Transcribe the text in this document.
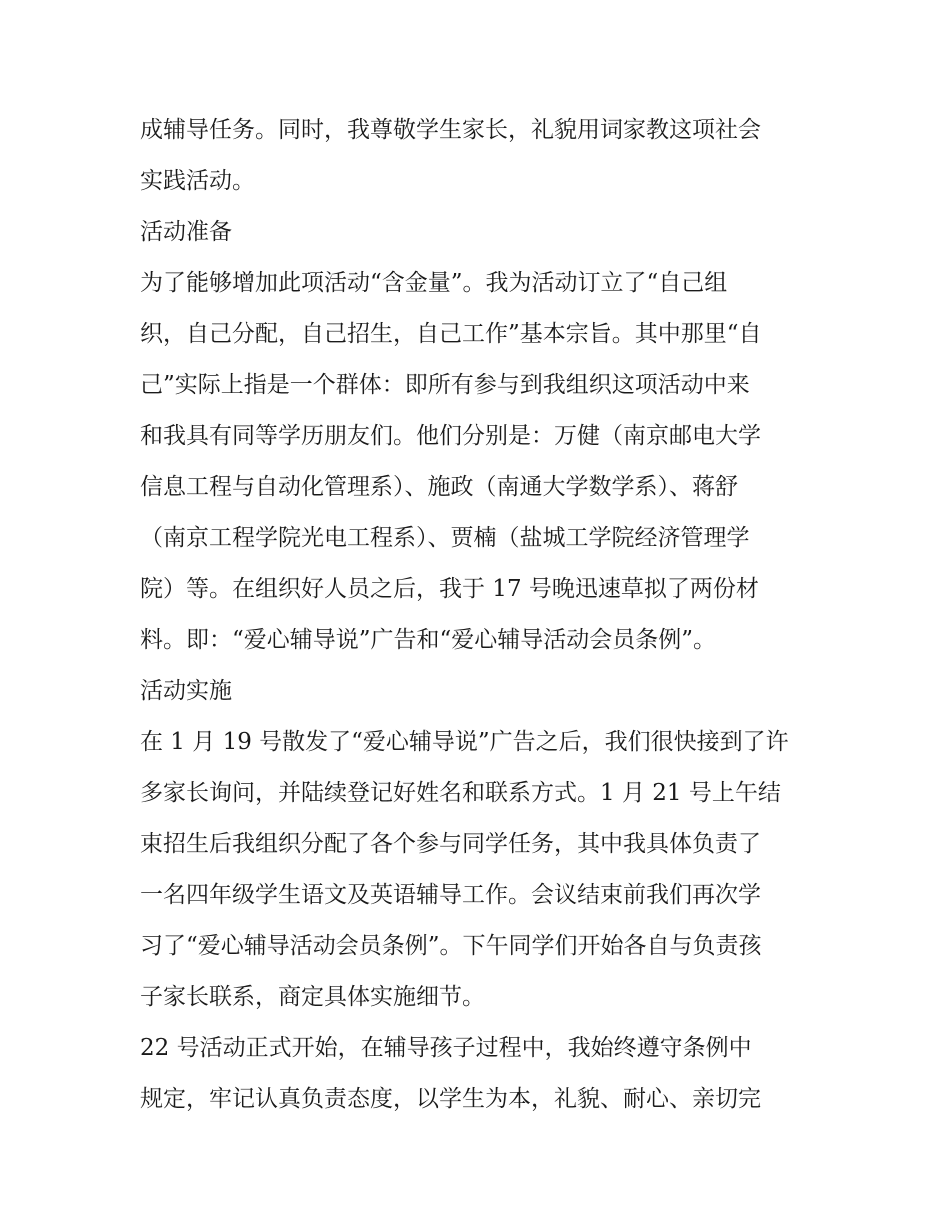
成辅导任务。同时，我尊敬学生家长，礼貌用词家教这项社会
实践活动。
活动准备
为了能够增加此项活动“含金量”。我为活动订立了“自己组
织，自己分配，自己招生，自己工作”基本宗旨。其中那里“自
己”实际上指是一个群体：即所有参与到我组织这项活动中来
和我具有同等学历朋友们。他们分别是：万健（南京邮电大学
信息工程与自动化管理系）、施政（南通大学数学系）、蒋舒
（南京工程学院光电工程系）、贾楠（盐城工学院经济管理学
院）等。在组织好人员之后，我于 17 号晚迅速草拟了两份材
料。即：“爱心辅导说”广告和“爱心辅导活动会员条例”。
活动实施
在 1 月 19 号散发了“爱心辅导说”广告之后，我们很快接到了许
多家长询问，并陆续登记好姓名和联系方式。1 月 21 号上午结
束招生后我组织分配了各个参与同学任务，其中我具体负责了
一名四年级学生语文及英语辅导工作。会议结束前我们再次学
习了“爱心辅导活动会员条例”。下午同学们开始各自与负责孩
子家长联系，商定具体实施细节。
22 号活动正式开始，在辅导孩子过程中，我始终遵守条例中
规定，牢记认真负责态度，以学生为本，礼貌、耐心、亲切完
